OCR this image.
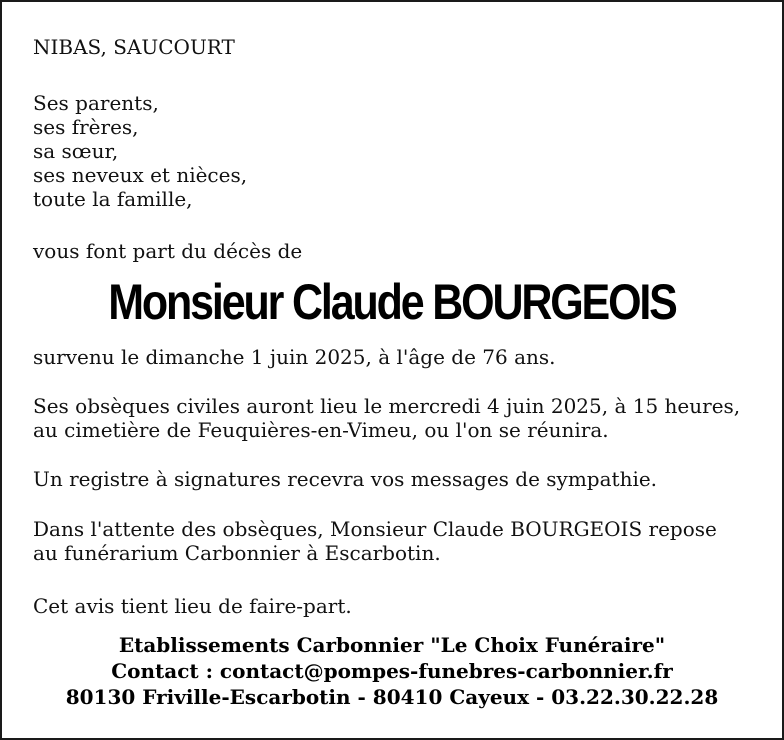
NIBAS, SAUCOURT

Ses parents,
ses frères,
sa sœur,
ses neveux et nièces,
toute la famille,

vous font part du décès de

Monsieur Claude BOURGEOIS

survenu le dimanche 1 juin 2025, à l'âge de 76 ans.

Ses obsèques civiles auront lieu le mercredi 4 juin 2025, à 15 heures,
au cimetière de Feuquières-en-Vimeu, ou l'on se réunira.

Un registre à signatures recevra vos messages de sympathie.

Dans l'attente des obsèques, Monsieur Claude BOURGEOIS repose
au funérarium Carbonnier à Escarbotin.

Cet avis tient lieu de faire-part.

Etablissements Carbonnier "Le Choix Funéraire"
Contact : contact@pompes-funebres-carbonnier.fr
80130 Friville-Escarbotin - 80410 Cayeux - 03.22.30.22.28
